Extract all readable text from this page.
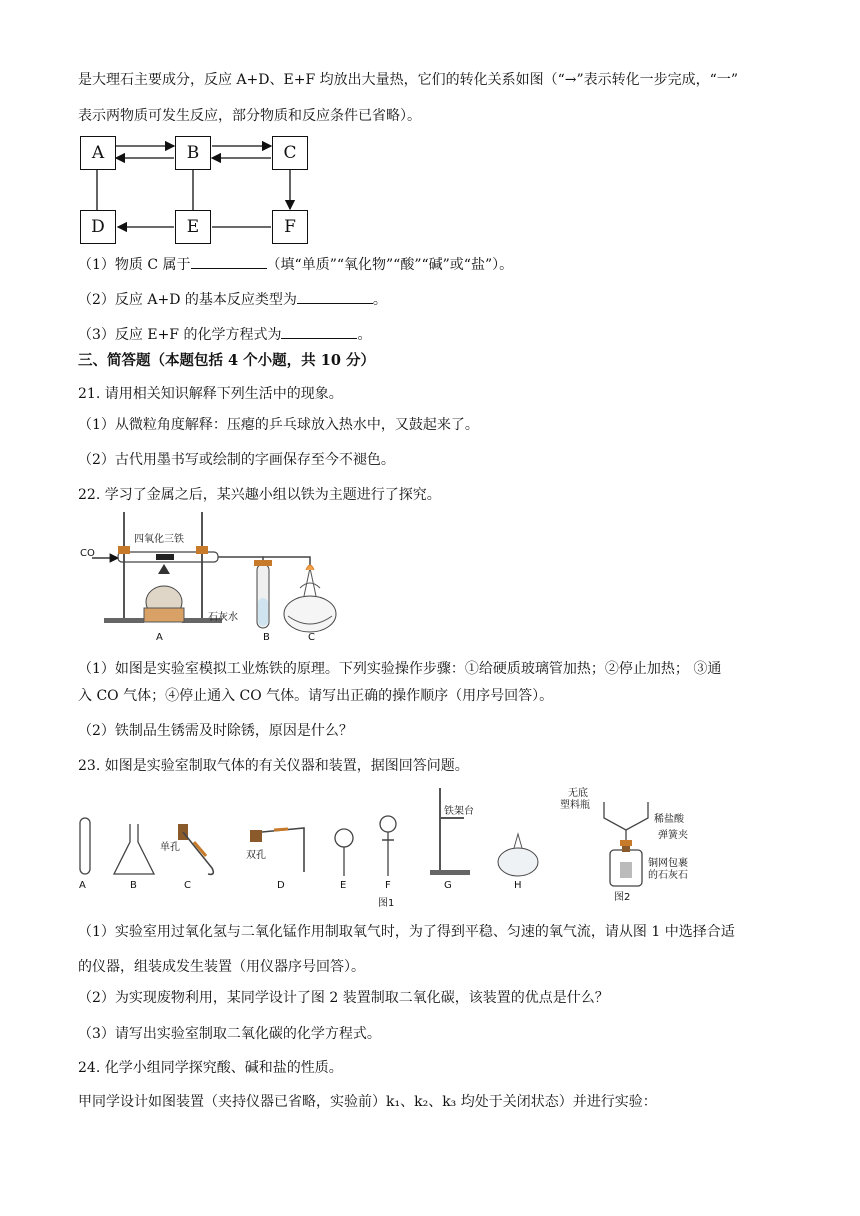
是大理石主要成分，反应 A+D、E+F 均放出大量热，它们的转化关系如图（“→”表示转化一步完成，“一”
表示两物质可发生反应，部分物质和反应条件已省略）。
A	B	C
D	E	F
（1）物质 C 属于	（填“单质”“氧化物”“酸”“碱”或“盐”）。
（2）反应 A+D 的基本反应类型为	。
（3）反应 E+F 的化学方程式为	。
三、简答题（本题包括 4 个小题，共 10 分）
21. 请用相关知识解释下列生活中的现象。
（1）从微粒角度解释：压瘪的乒乓球放入热水中，又鼓起来了。
（2）古代用墨书写或绘制的字画保存至今不褪色。
22. 学习了金属之后，某兴趣小组以铁为主题进行了探究。
CO
四氧化三铁
石灰水
A	B	C
（1）如图是实验室模拟工业炼铁的原理。下列实验操作步骤：①给硬质玻璃管加热；②停止加热； ③通
入 CO 气体；④停止通入 CO 气体。请写出正确的操作顺序（用序号回答）。
（2）铁制品生锈需及时除锈，原因是什么？
23. 如图是实验室制取气体的有关仪器和装置，据图回答问题。
A	B	C	D	E	F	G	H
单孔
双孔
铁架台
图1
图2
无底
塑料瓶
稀盐酸
弹簧夹
铜网包裹
的石灰石
（1）实验室用过氧化氢与二氧化锰作用制取氧气时，为了得到平稳、匀速的氧气流，请从图 1 中选择合适
的仪器，组装成发生装置（用仪器序号回答）。
（2）为实现废物利用，某同学设计了图 2 装置制取二氧化碳，该装置的优点是什么？
（3）请写出实验室制取二氧化碳的化学方程式。
24. 化学小组同学探究酸、碱和盐的性质。
甲同学设计如图装置（夹持仪器已省略，实验前）k₁、k₂、k₃ 均处于关闭状态）并进行实验：
